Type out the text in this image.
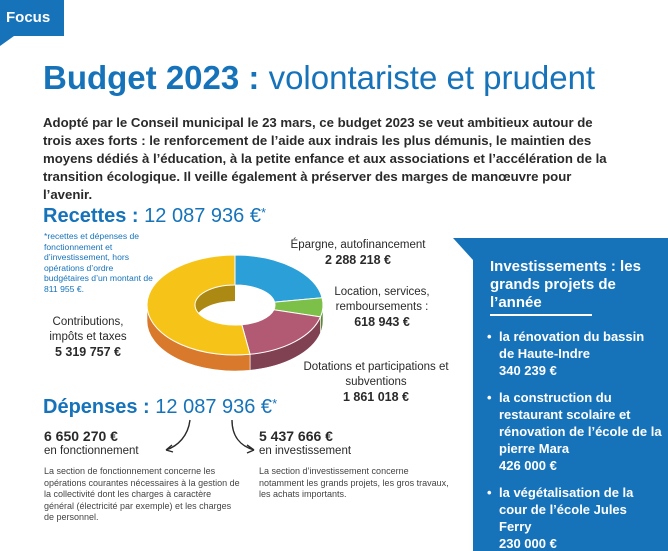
Focus
Budget 2023 : volontariste et prudent

Adopté par le Conseil municipal le 23 mars, ce budget 2023 se veut ambitieux autour de trois axes forts : le renforcement de l’aide aux indrais les plus démunis, le maintien des moyens dédiés à l’éducation, à la petite enfance et aux associations et l’accélération de la transition écologique. Il veille également à préserver des marges de manœuvre pour l’avenir.

Recettes : 12 087 936 €*

*recettes et dépenses de fonctionnement et d’investissement, hors opérations d’ordre budgétaires d’un montant de 811 955 €.

Épargne, autofinancement
2 288 218 €
Location, services, remboursements :
618 943 €
Dotations et participations et subventions
1 861 018 €
Contributions, impôts et taxes
5 319 757 €
Dépenses : 12 087 936 €*
6 650 270 €
en fonctionnement

La section de fonctionnement concerne les opérations courantes nécessaires à la gestion de la collectivité dont les charges à caractère général (électricité par exemple) et les charges de personnel.

5 437 666 €
en investissement

La section d’investissement concerne notamment les grands projets, les gros travaux, les achats importants.

Investissements : les grands projets de l’année
• la rénovation du bassin de Haute-Indre
340 239 €
• la construction du restaurant scolaire et rénovation de l’école de la pierre Mara
426 000 €
• la végétalisation de la cour de l’école Jules Ferry
230 000 €
